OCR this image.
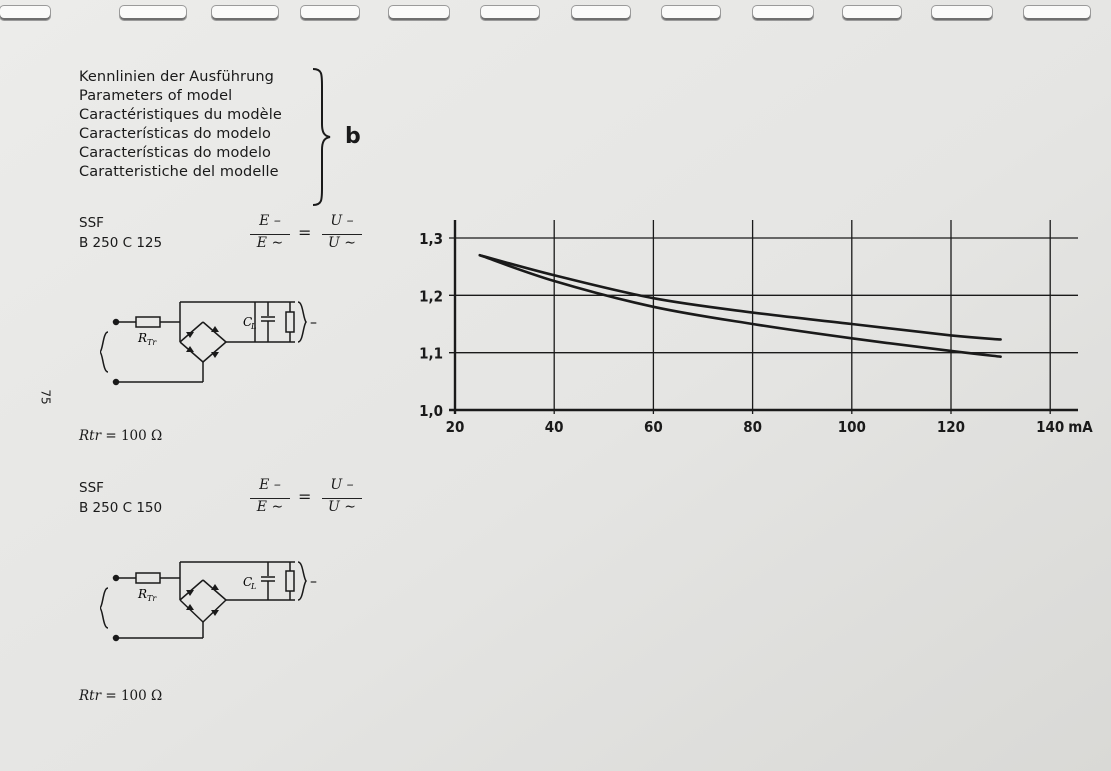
Kennlinien der Ausführung
Parameters of model
Caractéristiques du modèle
Características do modelo
Características do modelo
Caratteristiche del modelle
b
75
SSF
B 250 C 125
E –
E ∼
=
U –
U ∼
R Tr
C
L	–
Rtr = 100 Ω
SSF
B 250 C 150
E –
E ∼
=
U –
U ∼
R Tr
C
L	–
Rtr = 100 Ω
1,0
1,1
1,2
1,3
20	40	60	80	100	120	140 mA
